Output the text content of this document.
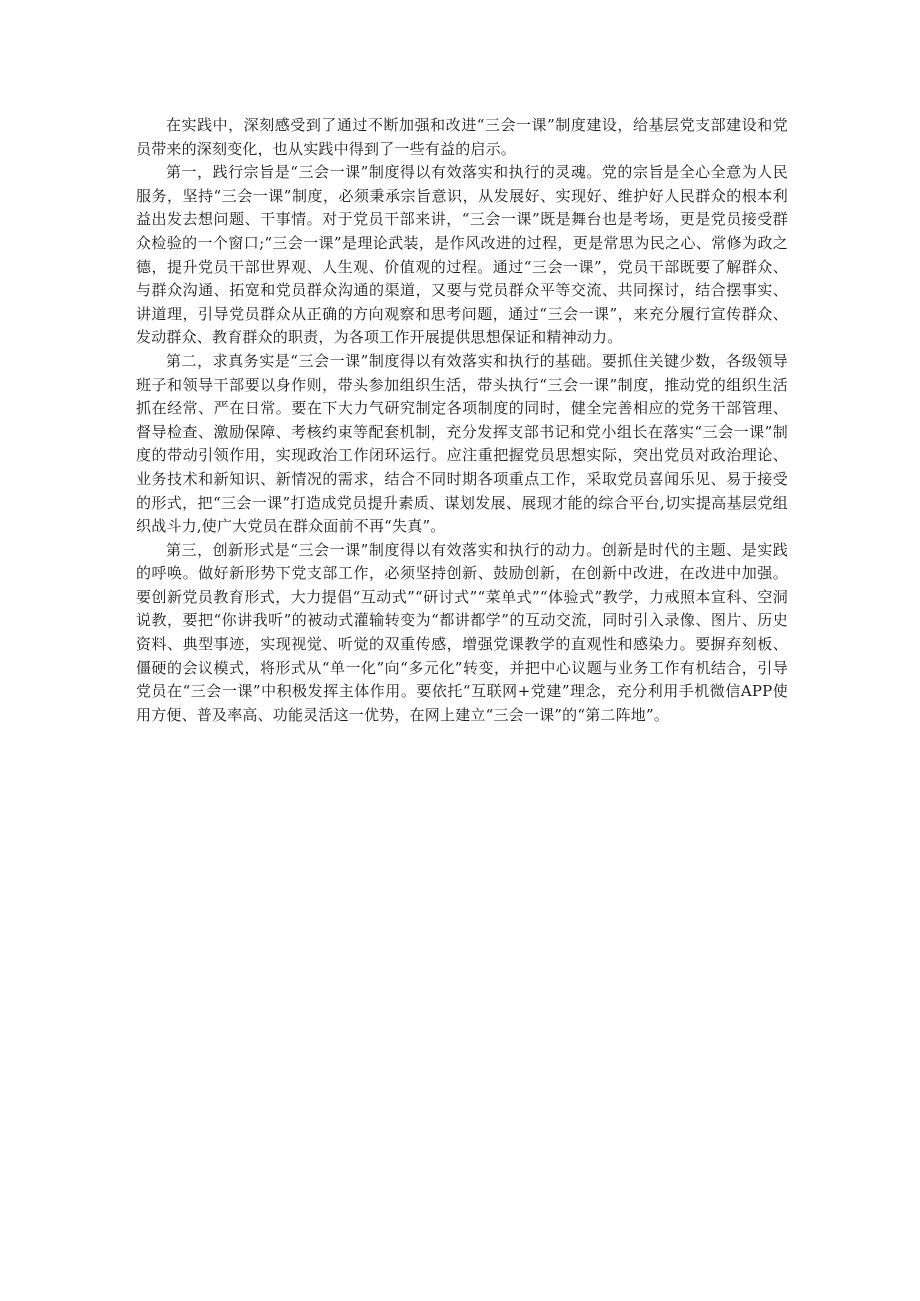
在实践中，深刻感受到了通过不断加强和改进“三会一课”制度建设，给基层党支部建设和党员带来的深刻变化，也从实践中得到了一些有益的启示。

第一，践行宗旨是“三会一课”制度得以有效落实和执行的灵魂。党的宗旨是全心全意为人民服务，坚持“三会一课”制度，必须秉承宗旨意识，从发展好、实现好、维护好人民群众的根本利益出发去想问题、干事情。对于党员干部来讲，“三会一课”既是舞台也是考场，更是党员接受群众检验的一个窗口;“三会一课”是理论武装，是作风改进的过程，更是常思为民之心、常修为政之德，提升党员干部世界观、人生观、价值观的过程。通过“三会一课”，党员干部既要了解群众、与群众沟通、拓宽和党员群众沟通的渠道，又要与党员群众平等交流、共同探讨，结合摆事实、讲道理，引导党员群众从正确的方向观察和思考问题，通过“三会一课”，来充分履行宣传群众、发动群众、教育群众的职责，为各项工作开展提供思想保证和精神动力。

第二，求真务实是“三会一课”制度得以有效落实和执行的基础。要抓住关键少数，各级领导班子和领导干部要以身作则，带头参加组织生活，带头执行“三会一课”制度，推动党的组织生活抓在经常、严在日常。要在下大力气研究制定各项制度的同时，健全完善相应的党务干部管理、督导检查、激励保障、考核约束等配套机制，充分发挥支部书记和党小组长在落实“三会一课”制度的带动引领作用，实现政治工作闭环运行。应注重把握党员思想实际，突出党员对政治理论、业务技术和新知识、新情况的需求，结合不同时期各项重点工作，采取党员喜闻乐见、易于接受的形式，把“三会一课”打造成党员提升素质、谋划发展、展现才能的综合平台,切实提高基层党组织战斗力,使广大党员在群众面前不再“失真”。

第三，创新形式是“三会一课”制度得以有效落实和执行的动力。创新是时代的主题、是实践的呼唤。做好新形势下党支部工作，必须坚持创新、鼓励创新，在创新中改进，在改进中加强。要创新党员教育形式，大力提倡“互动式”“研讨式”“菜单式”“体验式”教学，力戒照本宣科、空洞说教，要把“你讲我听”的被动式灌输转变为“都讲都学”的互动交流，同时引入录像、图片、历史资料、典型事迹，实现视觉、听觉的双重传感，增强党课教学的直观性和感染力。要摒弃刻板、僵硬的会议模式，将形式从“单一化”向“多元化”转变，并把中心议题与业务工作有机结合，引导党员在“三会一课”中积极发挥主体作用。要依托“互联网+党建”理念，充分利用手机微信APP使用方便、普及率高、功能灵活这一优势，在网上建立“三会一课”的“第二阵地”。
